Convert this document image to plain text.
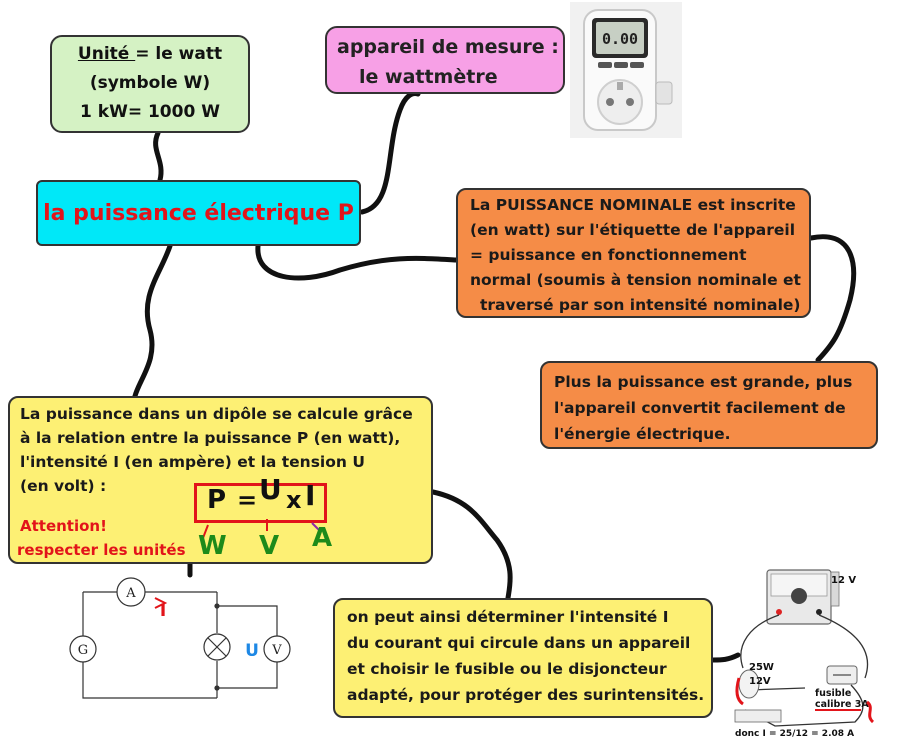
Unité = le watt
(symbole W)
1 kW= 1000 W
appareil de mesure :
le wattmètre
0.00
la puissance électrique P	La PUISSANCE NOMINALE est inscrite
(en watt) sur l'étiquette de l'appareil
= puissance en fonctionnement
normal (soumis à tension nominale et
traversé par son intensité nominale)
Plus la puissance est grande, plus
l'appareil convertit facilement de
l'énergie électrique.
La puissance dans un dipôle se calcule grâce
à la relation entre la puissance P (en watt),
l'intensité I (en ampère) et la tension U
(en volt) :
Attention!
respecter les unités
P = U x I
W V A
A
G	V
I
U
on peut ainsi déterminer l'intensité I
du courant qui circule dans un appareil
et choisir le fusible ou le disjoncteur
adapté, pour protéger des surintensités.
12 V
25W
12V
fusible
calibre 3A
donc I = 25/12 = 2.08 A
